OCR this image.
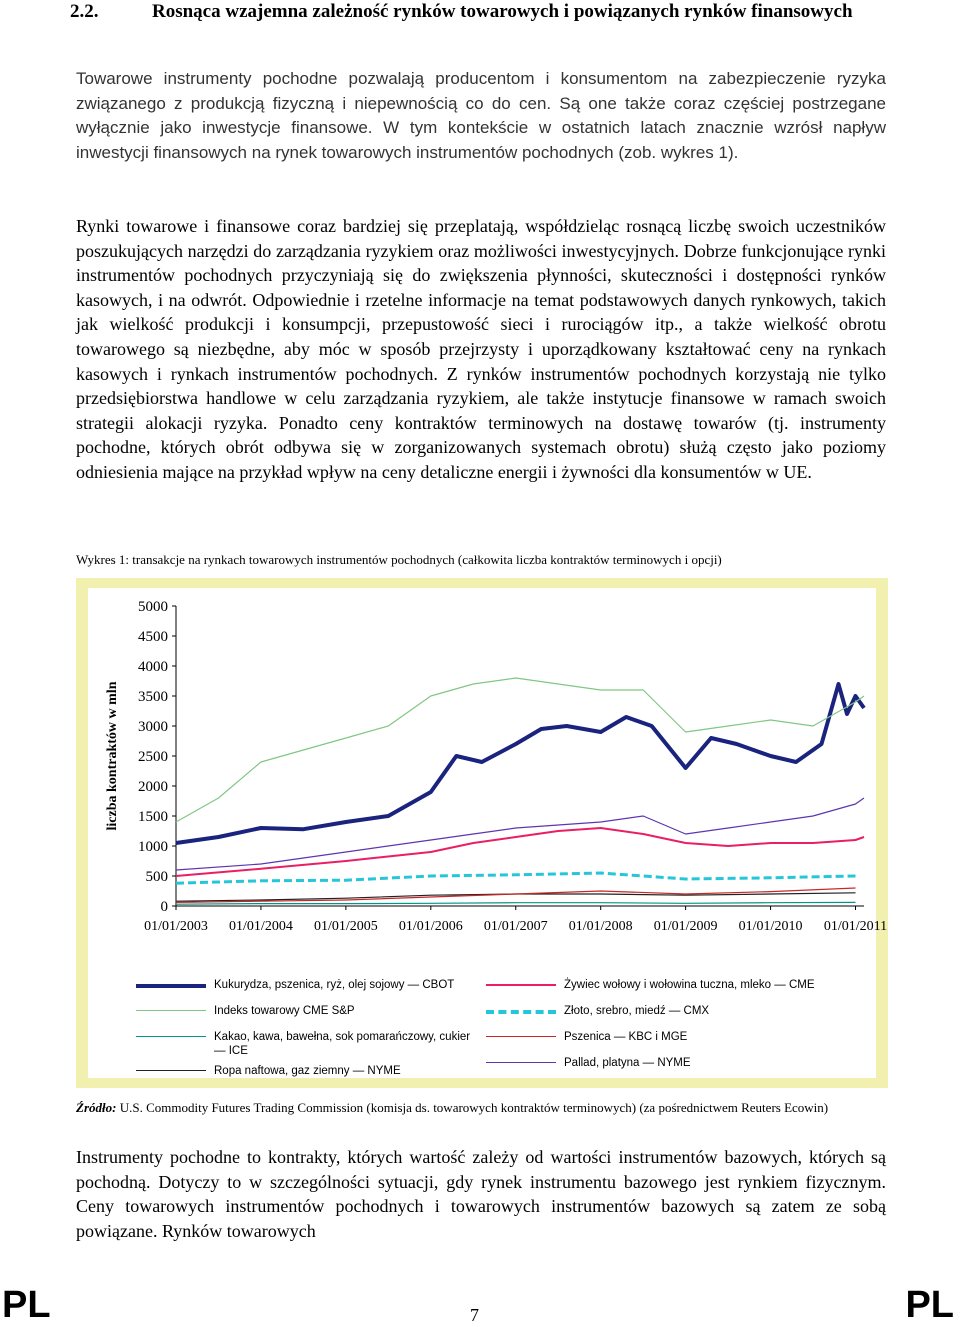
2.2.	Rosnąca wzajemna zależność rynków towarowych i powiązanych rynków finansowych

Towarowe instrumenty pochodne pozwalają producentom i konsumentom na zabezpieczenie ryzyka związanego z produkcją fizyczną i niepewnością co do cen. Są one także coraz częściej postrzegane wyłącznie jako inwestycje finansowe. W tym kontekście w ostatnich latach znacznie wzrósł napływ inwestycji finansowych na rynek towarowych instrumentów pochodnych (zob. wykres 1).

Rynki towarowe i finansowe coraz bardziej się przeplatają, współdzieląc rosnącą liczbę swoich uczestników poszukujących narzędzi do zarządzania ryzykiem oraz możliwości inwestycyjnych. Dobrze funkcjonujące rynki instrumentów pochodnych przyczyniają się do zwiększenia płynności, skuteczności i dostępności rynków kasowych, i na odwrót. Odpowiednie i rzetelne informacje na temat podstawowych danych rynkowych, takich jak wielkość produkcji i konsumpcji, przepustowość sieci i rurociągów itp., a także wielkość obrotu towarowego są niezbędne, aby móc w sposób przejrzysty i uporządkowany kształtować ceny na rynkach kasowych i rynkach instrumentów pochodnych. Z rynków instrumentów pochodnych korzystają nie tylko przedsiębiorstwa handlowe w celu zarządzania ryzykiem, ale także instytucje finansowe w ramach swoich strategii alokacji ryzyka. Ponadto ceny kontraktów terminowych na dostawę towarów (tj. instrumenty pochodne, których obrót odbywa się w zorganizowanych systemach obrotu) służą często jako poziomy odniesienia mające na przykład wpływ na ceny detaliczne energii i żywności dla konsumentów w UE.

Wykres 1: transakcje na rynkach towarowych instrumentów pochodnych (całkowita liczba kontraktów terminowych i opcji)
0
500
1000
1500
2000
2500
3000
3500
4000
4500
5000
01/01/2003 01/01/2004 01/01/2005 01/01/2006 01/01/2007 01/01/2008 01/01/2009 01/01/2010 01/01/2011
liczba kontraktów w mln
Kukurydza, pszenica, ryż, olej sojowy — CBOT
Indeks towarowy CME S&P
Kakao, kawa, bawełna, sok pomarańczowy, cukier — ICE
Ropa naftowa, gaz ziemny — NYME
Żywiec wołowy i wołowina tuczna, mleko — CME
Złoto, srebro, miedź — CMX
Pszenica — KBC i MGE
Pallad, platyna — NYME
Źródło: U.S. Commodity Futures Trading Commission (komisja ds. towarowych kontraktów terminowych) (za pośrednictwem Reuters Ecowin)

Instrumenty pochodne to kontrakty, których wartość zależy od wartości instrumentów bazowych, których są pochodną. Dotyczy to w szczególności sytuacji, gdy rynek instrumentu bazowego jest rynkiem fizycznym. Ceny towarowych instrumentów pochodnych i towarowych instrumentów bazowych są zatem ze sobą powiązane. Rynków towarowych

PL	7	PL
